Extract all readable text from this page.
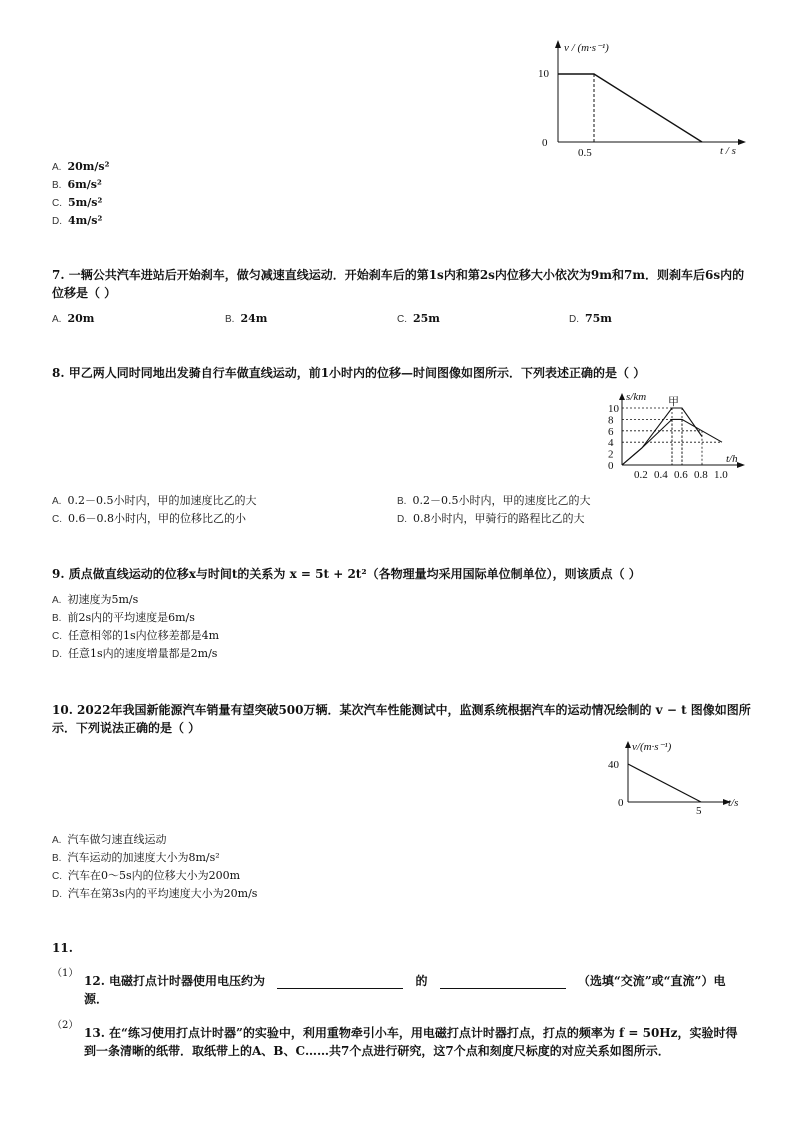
v / (m·s⁻¹)
10
0
0.5	t / s
A. 20m/s²
B. 6m/s²
C. 5m/s²
D. 4m/s²
7. 一辆公共汽车进站后开始刹车，做匀减速直线运动．开始刹车后的第1s内和第2s内位移大小依次为9m和7m．则刹车后6s内的
位移是（ ）
A. 20m	B. 24m	C. 25m	D. 75m
8. 甲乙两人同时同地出发骑自行车做直线运动，前1小时内的位移—时间图像如图所示．下列表述正确的是（ ）
s/km 甲
t/h
10
8
6
4
2
0
0.2 0.4 0.6 0.8 1.0
A. 0.2－0.5小时内，甲的加速度比乙的大	B. 0.2－0.5小时内，甲的速度比乙的大
C. 0.6－0.8小时内，甲的位移比乙的小	D. 0.8小时内，甲骑行的路程比乙的大
9. 质点做直线运动的位移x与时间t的关系为 x = 5t + 2t²（各物理量均采用国际单位制单位），则该质点（ ）
A. 初速度为5m/s
B. 前2s内的平均速度是6m/s
C. 任意相邻的1s内位移差都是4m
D. 任意1s内的速度增量都是2m/s
10. 2022年我国新能源汽车销量有望突破500万辆．某次汽车性能测试中，监测系统根据汽车的运动情况绘制的 v − t 图像如图所
示．下列说法正确的是（ ）
v/(m·s⁻¹)
40
0
5
t/s
A. 汽车做匀速直线运动
B. 汽车运动的加速度大小为8m/s²
C. 汽车在0～5s内的位移大小为200m
D. 汽车在第3s内的平均速度大小为20m/s
11.
（1）
12. 电磁打点计时器使用电压约为	的	（选填“交流”或“直流”）电
源．
（2）
13. 在“练习使用打点计时器”的实验中，利用重物牵引小车，用电磁打点计时器打点，打点的频率为 f = 50Hz，实验时得
到一条清晰的纸带．取纸带上的A、B、C……共7个点进行研究，这7个点和刻度尺标度的对应关系如图所示．
